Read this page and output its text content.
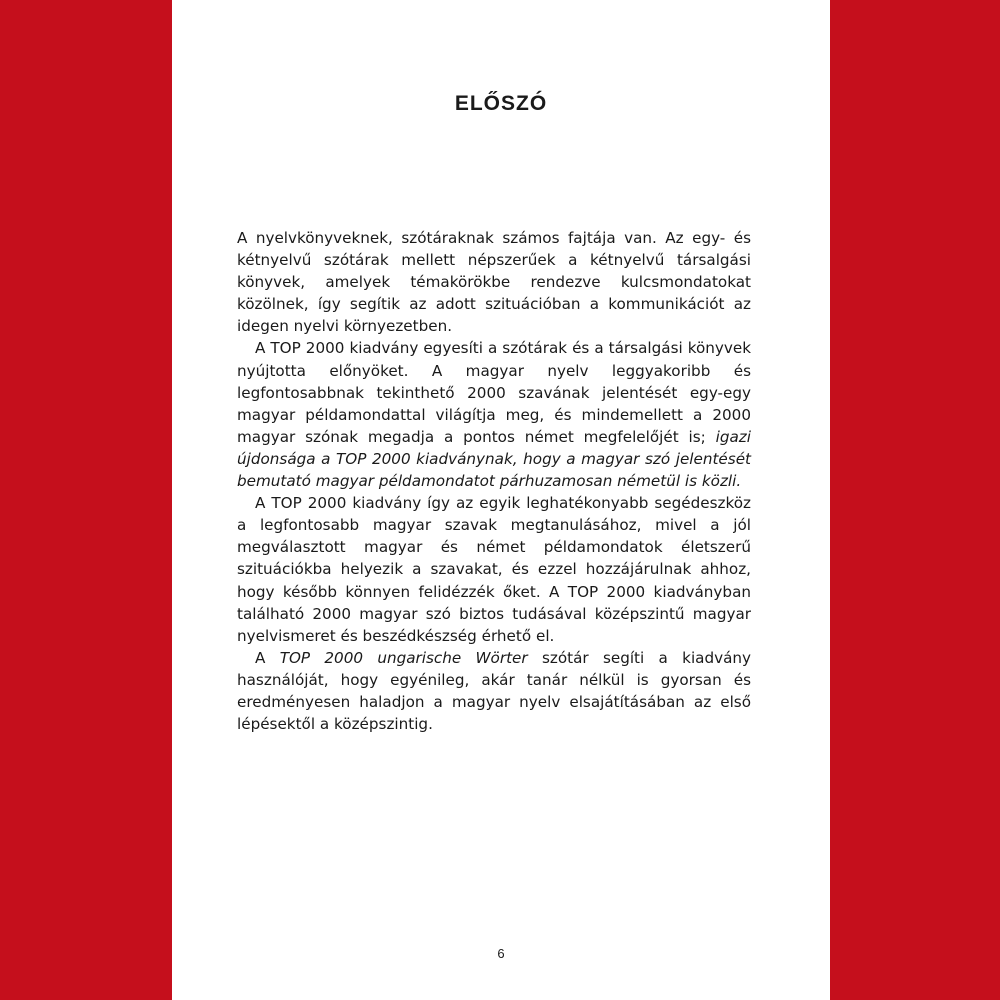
ELŐSZÓ

A nyelvkönyveknek, szótáraknak számos fajtája van. Az egy- és kétnyelvű szótárak mellett népszerűek a kétnyelvű társalgási könyvek, amelyek témakörökbe rendezve kulcsmondatokat közölnek, így segítik az adott szituációban a kommunikációt az idegen nyelvi környezetben.

A TOP 2000 kiadvány egyesíti a szótárak és a társalgási könyvek nyújtotta előnyöket. A magyar nyelv leggyakoribb és legfontosabbnak tekinthető 2000 szavának jelentését egy-egy magyar példamondattal világítja meg, és mindemellett a 2000 magyar szónak megadja a pontos német megfelelőjét is; igazi újdonsága a TOP 2000 kiadványnak, hogy a magyar szó jelentését bemutató magyar példamondatot párhuzamosan németül is közli.

A TOP 2000 kiadvány így az egyik leghatékonyabb segédeszköz a legfontosabb magyar szavak megtanulásához, mivel a jól megválasztott magyar és német példamondatok életszerű szituációkba helyezik a szavakat, és ezzel hozzájárulnak ahhoz, hogy később könnyen felidézzék őket. A TOP 2000 kiadványban található 2000 magyar szó biztos tudásával középszintű magyar nyelvismeret és beszédkészség érhető el.

A TOP 2000 ungarische Wörter szótár segíti a kiadvány használóját, hogy egyénileg, akár tanár nélkül is gyorsan és eredményesen haladjon a magyar nyelv elsajátításában az első lépésektől a középszintig.

6
